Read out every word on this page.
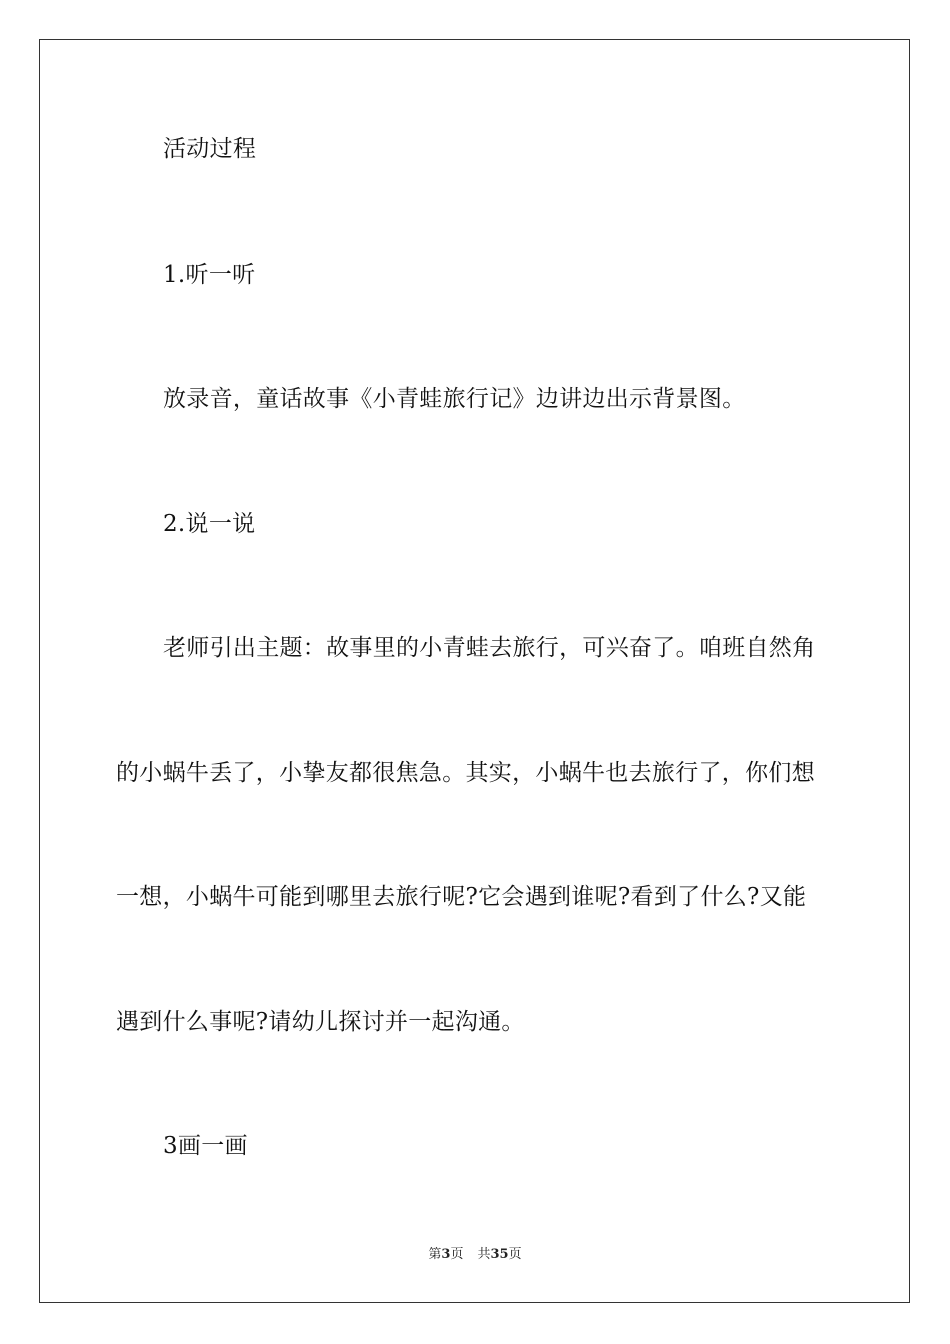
活动过程
1.听一听
放录音，童话故事《小青蛙旅行记》边讲边出示背景图。
2.说一说
老师引出主题：故事里的小青蛙去旅行，可兴奋了。咱班自然角
的小蜗牛丢了，小挚友都很焦急。其实，小蜗牛也去旅行了，你们想
一想，小蜗牛可能到哪里去旅行呢?它会遇到谁呢?看到了什么?又能
遇到什么事呢?请幼儿探讨并一起沟通。
3画一画
第3页 共35页
